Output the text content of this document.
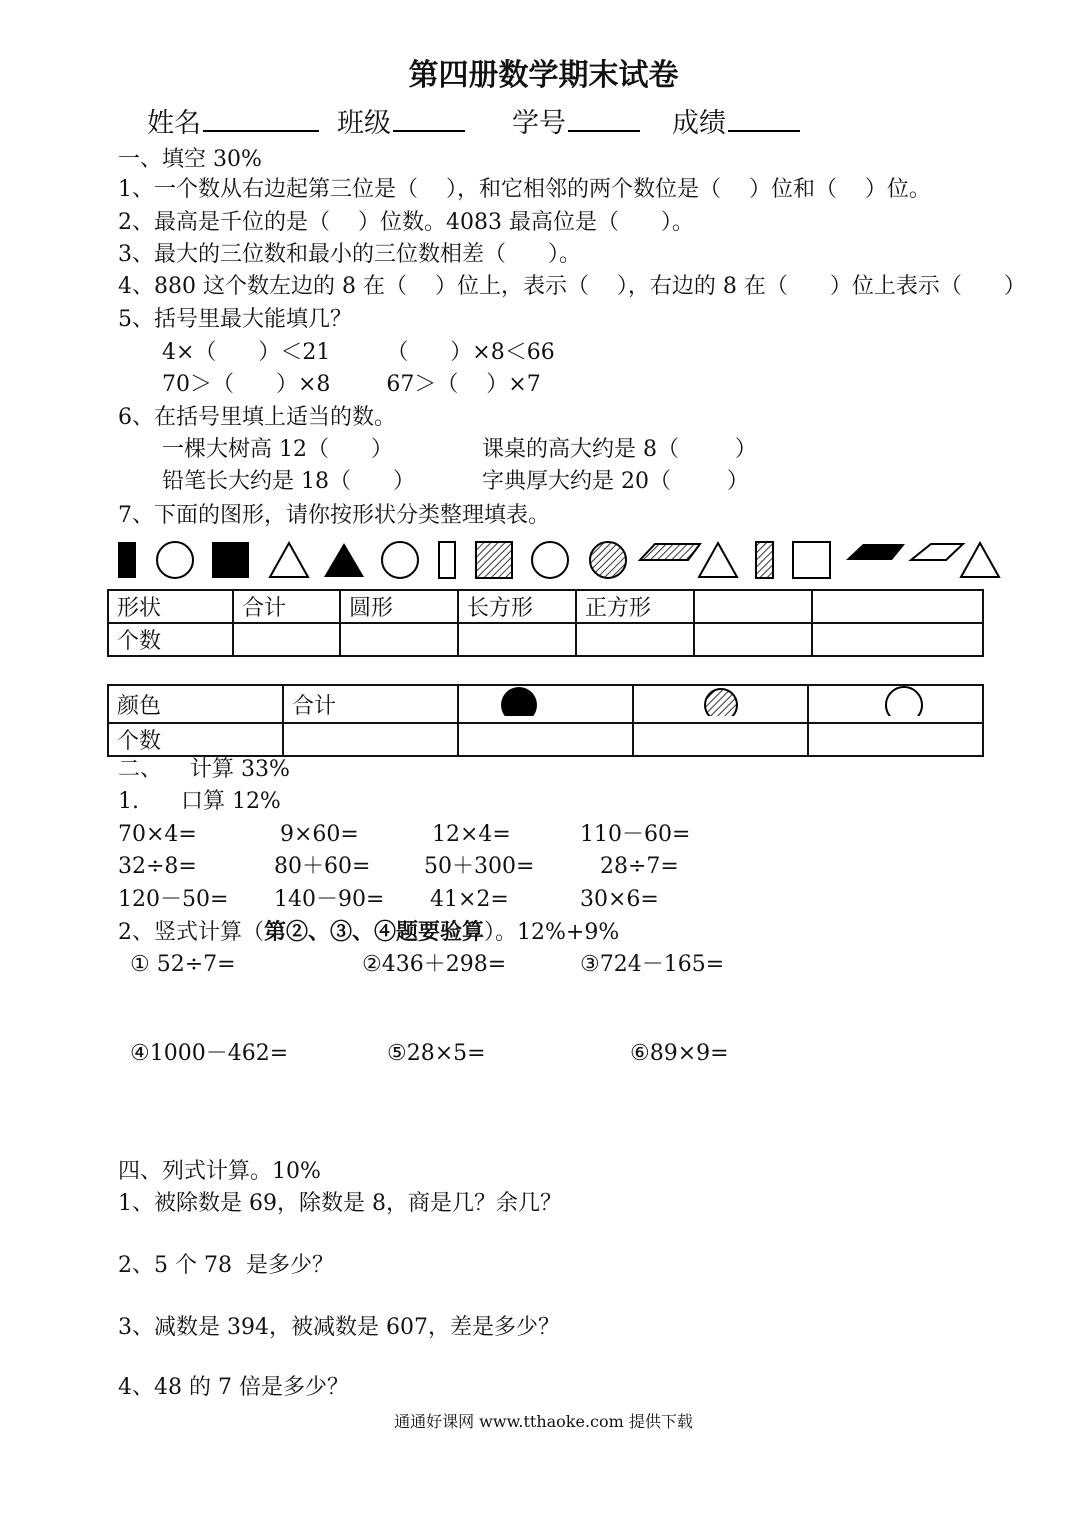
第四册数学期末试卷
姓名	班级	学号	成绩
一、填空 30%
1、一个数从右边起第三位是（    ），和它相邻的两个数位是（    ）位和（    ）位。
2、最高是千位的是（    ）位数。4083 最高位是（      ）。
3、最大的三位数和最小的三位数相差（      ）。
4、880 这个数左边的 8 在（    ）位上，表示（    ），右边的 8 在（      ）位上表示（      ）
5、括号里最大能填几？
4×（      ）＜21        （      ）×8＜66
70＞（      ）×8        67＞（    ）×7
6、在括号里填上适当的数。
一棵大树高 12（      ）	课桌的高大约是 8（        ）
铅笔长大约是 18（      ）	字典厚大约是 20（        ）
7、下面的图形，请你按形状分类整理填表。
形状	合计	圆形	长方形	正方形		
个数						
颜色	合计			
个数				
二、    计算 33%
1.      口算 12%
70×4=	9×60=	12×4=	110－60=
32÷8=	80＋60= 50＋300=	28÷7=
120－50= 140－90= 41×2=	30×6=
2、竖式计算（第②、③、④题要验算）。12%+9%
① 52÷7=	②436＋298=	③724－165=
④1000－462=	⑤28×5=	⑥89×9=
四、列式计算。10%
1、被除数是 69，除数是 8，商是几？余几？
2、5 个 78  是多少？
3、减数是 394，被减数是 607，差是多少？
4、48 的 7 倍是多少？
通通好课网 www.tthaoke.com 提供下载
